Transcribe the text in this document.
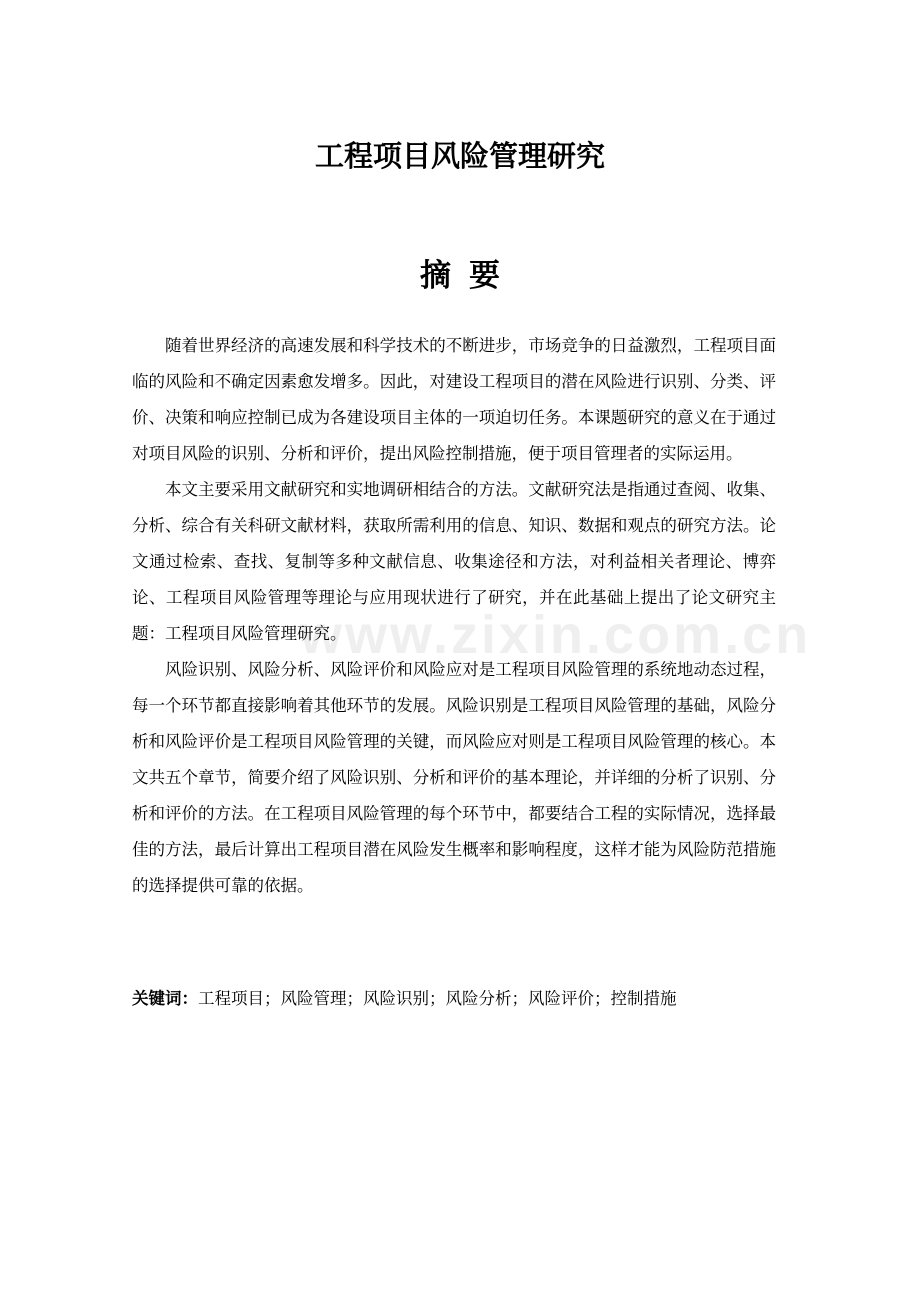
www.zixin.com.cn
工程项目风险管理研究
摘要

随着世界经济的高速发展和科学技术的不断进步，市场竞争的日益激烈，工程项目面临的风险和不确定因素愈发增多。因此，对建设工程项目的潜在风险进行识别、分类、评价、决策和响应控制已成为各建设项目主体的一项迫切任务。本课题研究的意义在于通过对项目风险的识别、分析和评价，提出风险控制措施，便于项目管理者的实际运用。

本文主要采用文献研究和实地调研相结合的方法。文献研究法是指通过查阅、收集、分析、综合有关科研文献材料，获取所需利用的信息、知识、数据和观点的研究方法。论文通过检索、查找、复制等多种文献信息、收集途径和方法，对利益相关者理论、博弈论、工程项目风险管理等理论与应用现状进行了研究，并在此基础上提出了论文研究主题：工程项目风险管理研究。

风险识别、风险分析、风险评价和风险应对是工程项目风险管理的系统地动态过程，每一个环节都直接影响着其他环节的发展。风险识别是工程项目风险管理的基础，风险分析和风险评价是工程项目风险管理的关键，而风险应对则是工程项目风险管理的核心。本文共五个章节，简要介绍了风险识别、分析和评价的基本理论，并详细的分析了识别、分析和评价的方法。在工程项目风险管理的每个环节中，都要结合工程的实际情况，选择最佳的方法，最后计算出工程项目潜在风险发生概率和影响程度，这样才能为风险防范措施的选择提供可靠的依据。

关键词：工程项目；风险管理；风险识别；风险分析；风险评价；控制措施
